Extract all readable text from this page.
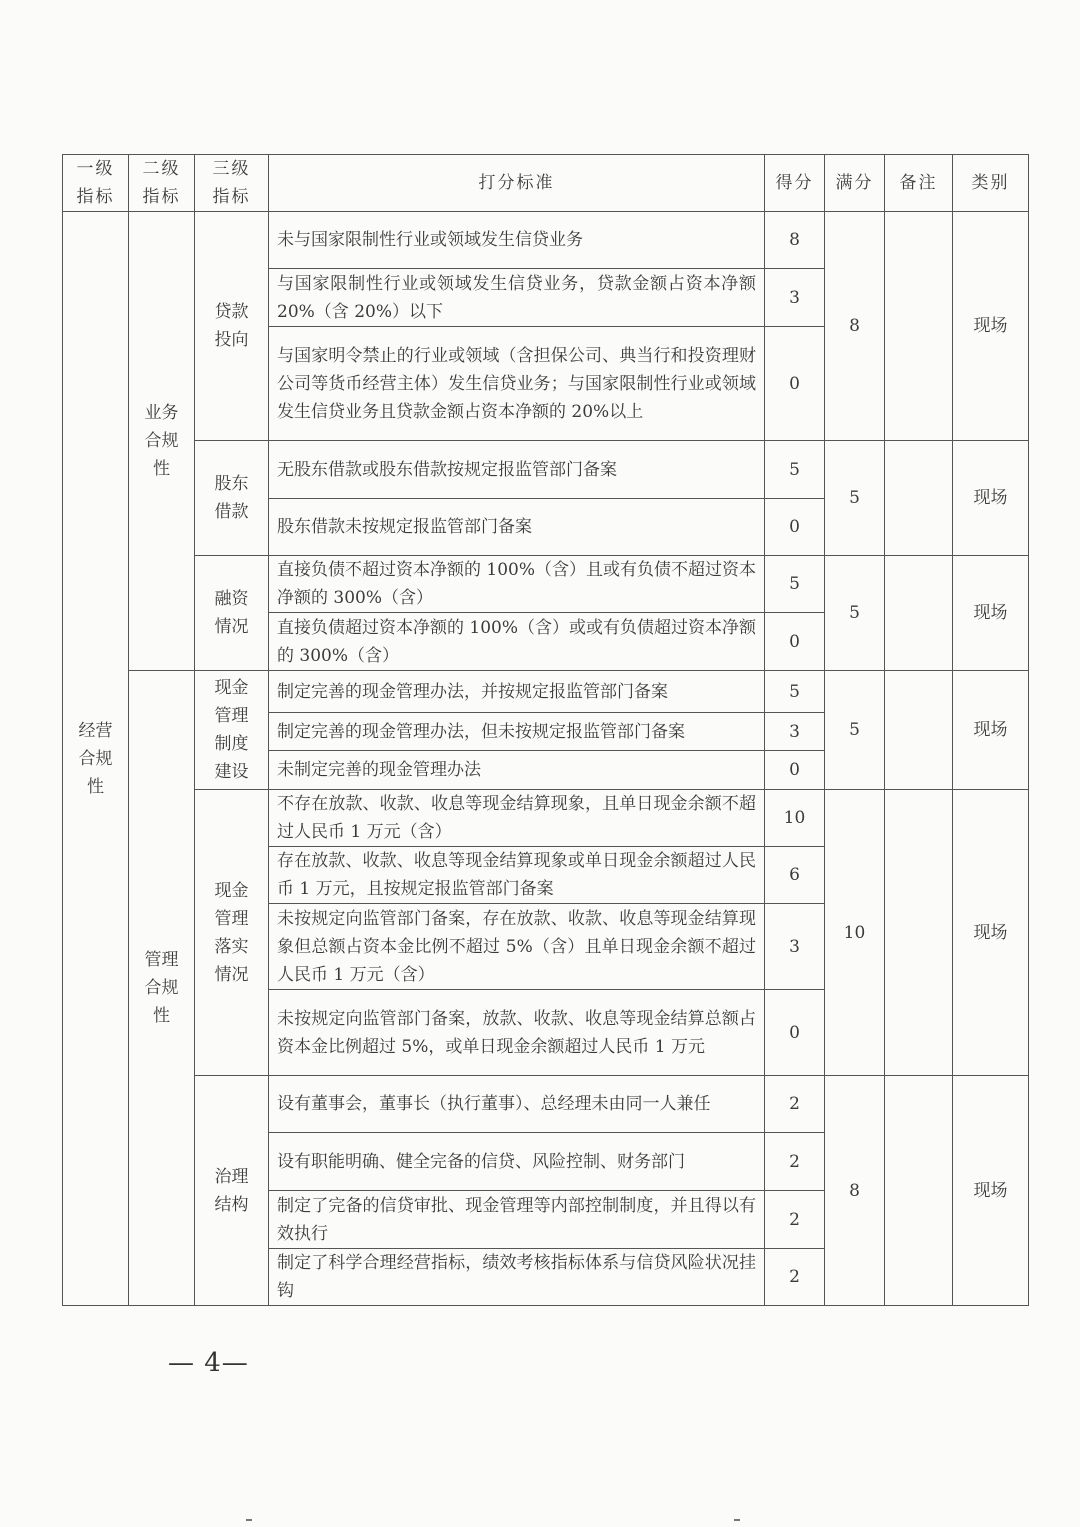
一级指标	二级指标	三级指标	打分标准	得分	满分	备注	类别
经营合规性	业务合规性	贷款投向	未与国家限制性行业或领域发生信贷业务	8	8		现场
			与国家限制性行业或领域发生信贷业务，贷款金额占资本净额 20%（含 20%）以下	3			
			与国家明令禁止的行业或领域（含担保公司、典当行和投资理财公司等货币经营主体）发生信贷业务；与国家限制性行业或领域发生信贷业务且贷款金额占资本净额的 20%以上	0			
		股东借款	无股东借款或股东借款按规定报监管部门备案	5	5		现场
			股东借款未按规定报监管部门备案	0			
		融资情况	直接负债不超过资本净额的 100%（含）且或有负债不超过资本净额的 300%（含）	5	5		现场
			直接负债超过资本净额的 100%（含）或或有负债超过资本净额的 300%（含）	0			
	管理合规性	现金管理制度建设	制定完善的现金管理办法，并按规定报监管部门备案	5	5		现场
			制定完善的现金管理办法，但未按规定报监管部门备案	3			
			未制定完善的现金管理办法	0			
		现金管理落实情况	不存在放款、收款、收息等现金结算现象，且单日现金余额不超过人民币 1 万元（含）	10	10		现场
			存在放款、收款、收息等现金结算现象或单日现金余额超过人民币 1 万元，且按规定报监管部门备案	6			
			未按规定向监管部门备案，存在放款、收款、收息等现金结算现象但总额占资本金比例不超过 5%（含）且单日现金余额不超过人民币 1 万元（含）	3			
			未按规定向监管部门备案，放款、收款、收息等现金结算总额占资本金比例超过 5%，或单日现金余额超过人民币 1 万元	0			
		治理结构	设有董事会，董事长（执行董事）、总经理未由同一人兼任	2	8		现场
			设有职能明确、健全完备的信贷、风险控制、财务部门	2			
			制定了完备的信贷审批、现金管理等内部控制制度，并且得以有效执行	2			
			制定了科学合理经营指标，绩效考核指标体系与信贷风险状况挂钩	2			
— 4—
